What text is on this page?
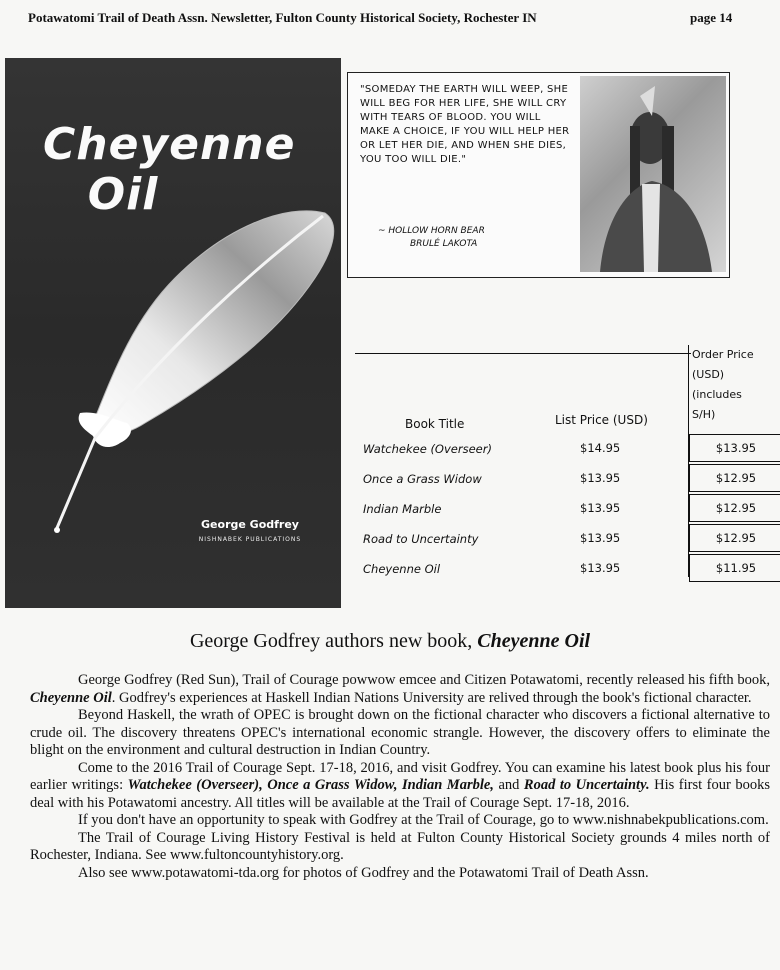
Potawatomi Trail of Death Assn. Newsletter, Fulton County Historical Society, Rochester IN	page 14
Cheyenne
Oil
George Godfrey
NISHNABEK PUBLICATIONS
"SOMEDAY THE EARTH WILL WEEP, SHE WILL BEG FOR HER LIFE, SHE WILL CRY WITH TEARS OF BLOOD. YOU WILL MAKE A CHOICE, IF YOU WILL HELP HER OR LET HER DIE, AND WHEN SHE DIES, YOU TOO WILL DIE."
~ HOLLOW HORN BEAR
BRULÉ LAKOTA
Book Title	List Price (USD)
Order Price
(USD)
(includes
S/H)
Watchekee (Overseer)	$14.95	$13.95
Once a Grass Widow	$13.95	$12.95
Indian Marble	$13.95	$12.95
Road to Uncertainty	$13.95	$12.95
Cheyenne Oil	$13.95	$11.95
George Godfrey authors new book, Cheyenne Oil

George Godfrey (Red Sun), Trail of Courage powwow emcee and Citizen Potawatomi, recently released his fifth book, Cheyenne Oil. Godfrey's experiences at Haskell Indian Nations University are relived through the book's fictional character.

Beyond Haskell, the wrath of OPEC is brought down on the fictional character who discovers a fictional alternative to crude oil. The discovery threatens OPEC's international economic strangle. However, the discovery offers to eliminate the blight on the environment and cultural destruction in Indian Country.

Come to the 2016 Trail of Courage Sept. 17-18, 2016, and visit Godfrey. You can examine his latest book plus his four earlier writings: Watchekee (Overseer), Once a Grass Widow, Indian Marble, and Road to Uncertainty. His first four books deal with his Potawatomi ancestry. All titles will be available at the Trail of Courage Sept. 17-18, 2016.

If you don't have an opportunity to speak with Godfrey at the Trail of Courage, go to www.nishnabekpublications.com.

The Trail of Courage Living History Festival is held at Fulton County Historical Society grounds 4 miles north of Rochester, Indiana. See www.fultoncountyhistory.org.

Also see www.potawatomi-tda.org for photos of Godfrey and the Potawatomi Trail of Death Assn.
